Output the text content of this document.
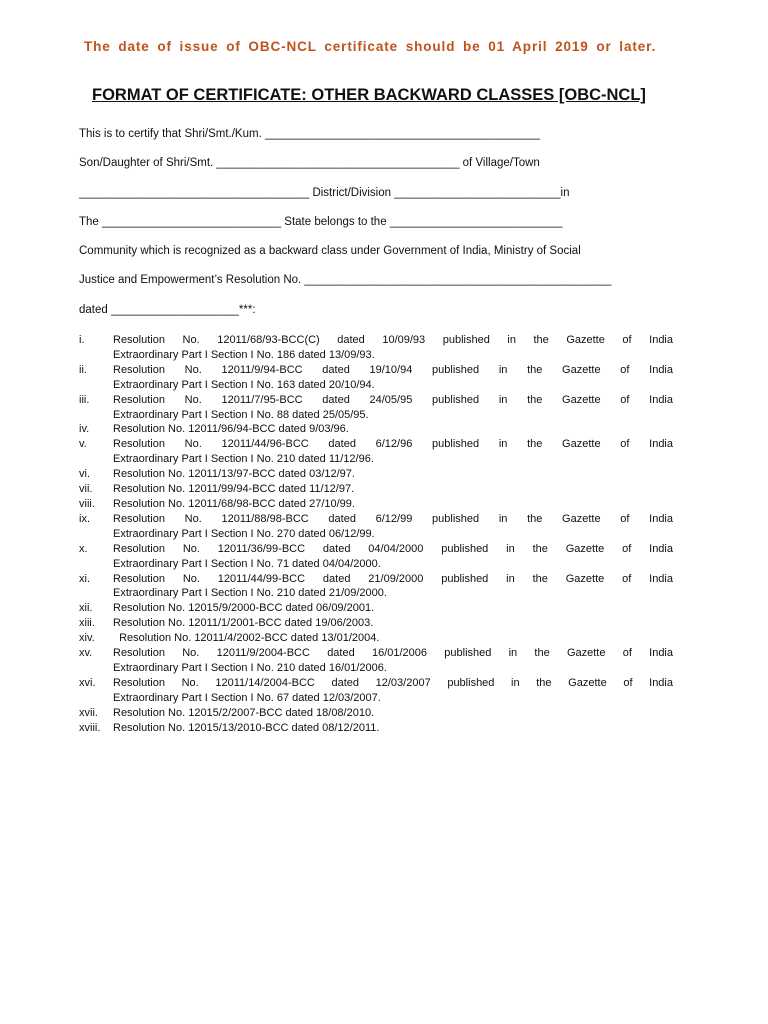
The date of issue of OBC-NCL certificate should be 01 April 2019 or later.
FORMAT OF CERTIFICATE: OTHER BACKWARD CLASSES [OBC-NCL]
This is to certify that Shri/Smt./Kum. ___________________________________________
Son/Daughter of Shri/Smt. ______________________________________ of Village/Town
____________________________________ District/Division __________________________in
The ____________________________ State belongs to the ___________________________
Community which is recognized as a backward class under Government of India, Ministry of Social
Justice and Empowerment’s Resolution No. ________________________________________________
dated ____________________***:
i.	Resolution No. 12011/68/93-BCC(C) dated 10/09/93 published in the Gazette of India
Extraordinary Part I Section I No. 186 dated 13/09/93.
ii. Resolution No. 12011/9/94-BCC dated 19/10/94 published in the Gazette of India
Extraordinary Part I Section I No. 163 dated 20/10/94.
iii. Resolution No. 12011/7/95-BCC dated 24/05/95 published in the Gazette of India
Extraordinary Part I Section I No. 88 dated 25/05/95.
iv. Resolution No. 12011/96/94-BCC dated 9/03/96.
v. Resolution No. 12011/44/96-BCC dated 6/12/96 published in the Gazette of India
Extraordinary Part I Section I No. 210 dated 11/12/96.
vi. Resolution No. 12011/13/97-BCC dated 03/12/97.
vii. Resolution No. 12011/99/94-BCC dated 11/12/97.
viii. Resolution No. 12011/68/98-BCC dated 27/10/99.
ix. Resolution No. 12011/88/98-BCC dated 6/12/99 published in the Gazette of India
Extraordinary Part I Section I No. 270 dated 06/12/99.
x. Resolution No. 12011/36/99-BCC dated 04/04/2000 published in the Gazette of India
Extraordinary Part I Section I No. 71 dated 04/04/2000.
xi. Resolution No. 12011/44/99-BCC dated 21/09/2000 published in the Gazette of India
Extraordinary Part I Section I No. 210 dated 21/09/2000.
xii. Resolution No. 12015/9/2000-BCC dated 06/09/2001.
xiii. Resolution No. 12011/1/2001-BCC dated 19/06/2003.
xiv. Resolution No. 12011/4/2002-BCC dated 13/01/2004.
xv. Resolution No. 12011/9/2004-BCC dated 16/01/2006 published in the Gazette of India
Extraordinary Part I Section I No. 210 dated 16/01/2006.
xvi. Resolution No. 12011/14/2004-BCC dated 12/03/2007 published in the Gazette of India
Extraordinary Part I Section I No. 67 dated 12/03/2007.
xvii. Resolution No. 12015/2/2007-BCC dated 18/08/2010.
xviii. Resolution No. 12015/13/2010-BCC dated 08/12/2011.
